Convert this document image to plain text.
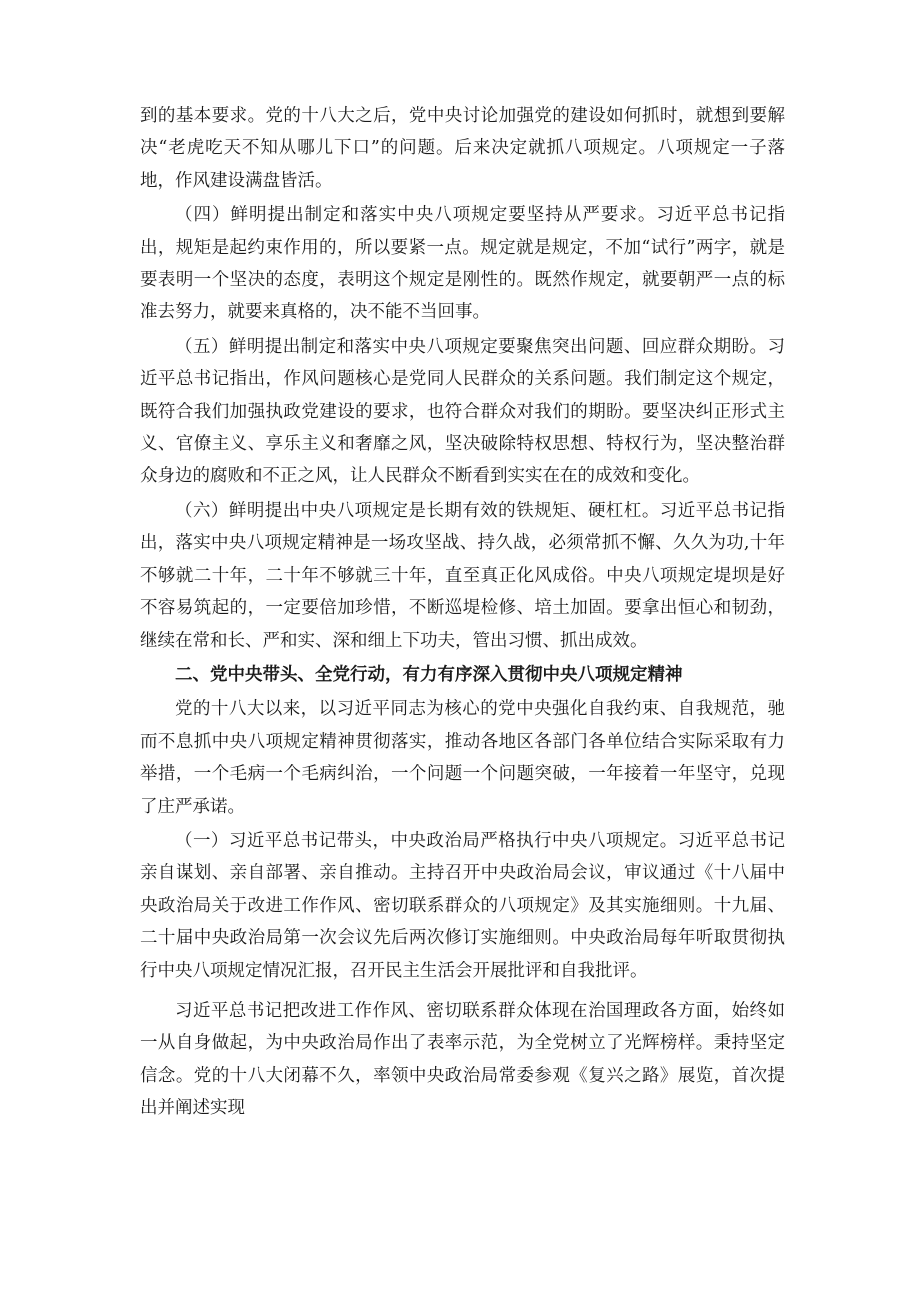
到的基本要求。党的十八大之后，党中央讨论加强党的建设如何抓时，就想到要解决“老虎吃天不知从哪儿下口”的问题。后来决定就抓八项规定。八项规定一子落地，作风建设满盘皆活。

（四）鲜明提出制定和落实中央八项规定要坚持从严要求。习近平总书记指出，规矩是起约束作用的，所以要紧一点。规定就是规定，不加“试行”两字，就是要表明一个坚决的态度，表明这个规定是刚性的。既然作规定，就要朝严一点的标准去努力，就要来真格的，决不能不当回事。

（五）鲜明提出制定和落实中央八项规定要聚焦突出问题、回应群众期盼。习近平总书记指出，作风问题核心是党同人民群众的关系问题。我们制定这个规定，既符合我们加强执政党建设的要求，也符合群众对我们的期盼。要坚决纠正形式主义、官僚主义、享乐主义和奢靡之风，坚决破除特权思想、特权行为，坚决整治群众身边的腐败和不正之风，让人民群众不断看到实实在在的成效和变化。

（六）鲜明提出中央八项规定是长期有效的铁规矩、硬杠杠。习近平总书记指出，落实中央八项规定精神是一场攻坚战、持久战，必须常抓不懈、久久为功,十年不够就二十年，二十年不够就三十年，直至真正化风成俗。中央八项规定堤坝是好不容易筑起的，一定要倍加珍惜，不断巡堤检修、培土加固。要拿出恒心和韧劲，继续在常和长、严和实、深和细上下功夫，管出习惯、抓出成效。

二、党中央带头、全党行动，有力有序深入贯彻中央八项规定精神

党的十八大以来，以习近平同志为核心的党中央强化自我约束、自我规范，驰而不息抓中央八项规定精神贯彻落实，推动各地区各部门各单位结合实际采取有力举措，一个毛病一个毛病纠治，一个问题一个问题突破，一年接着一年坚守，兑现了庄严承诺。

（一）习近平总书记带头，中央政治局严格执行中央八项规定。习近平总书记亲自谋划、亲自部署、亲自推动。主持召开中央政治局会议，审议通过《十八届中央政治局关于改进工作作风、密切联系群众的八项规定》及其实施细则。十九届、二十届中央政治局第一次会议先后两次修订实施细则。中央政治局每年听取贯彻执行中央八项规定情况汇报，召开民主生活会开展批评和自我批评。

习近平总书记把改进工作作风、密切联系群众体现在治国理政各方面，始终如一从自身做起，为中央政治局作出了表率示范，为全党树立了光辉榜样。秉持坚定信念。党的十八大闭幕不久，率领中央政治局常委参观《复兴之路》展览，首次提出并阐述实现
